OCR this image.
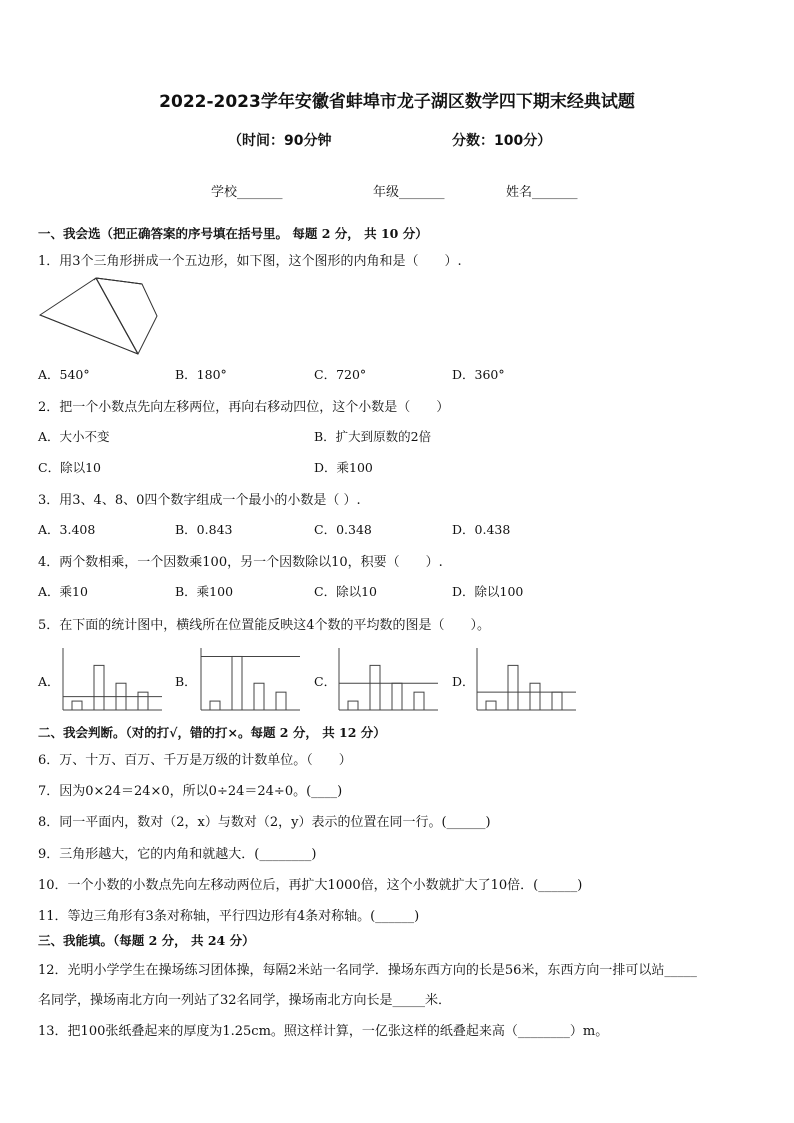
2022-2023学年安徽省蚌埠市龙子湖区数学四下期末经典试题
（时间：90分钟	分数：100分）
学校_______	年级_______	姓名_______
一、我会选（把正确答案的序号填在括号里。 每题 2 分， 共 10 分）
1．用3个三角形拼成一个五边形，如下图，这个图形的内角和是（　　）.
A．540°	B．180°	C．720°	D．360°
2．把一个小数点先向左移两位，再向右移动四位，这个小数是（　　）
A．大小不变	B．扩大到原数的2倍
C．除以10	D．乘100
3．用3、4、8、0四个数字组成一个最小的小数是（ ）.
A．3.408	B．0.843	C．0.348	D．0.438
4．两个数相乘，一个因数乘100，另一个因数除以10，积要（　　）.
A．乘10	B．乘100	C．除以10	D．除以100
5．在下面的统计图中，横线所在位置能反映这4个数的平均数的图是（　　）。
A．	B．	C．	D．
二、我会判断。（对的打√，错的打×。每题 2 分， 共 12 分）
6．万、十万、百万、千万是万级的计数单位。（　　）
7．因为0×24＝24×0，所以0÷24＝24÷0。(____)
8．同一平面内，数对（2，x）与数对（2，y）表示的位置在同一行。(______)
9．三角形越大，它的内角和就越大．(________)
10．一个小数的小数点先向左移动两位后，再扩大1000倍，这个小数就扩大了10倍．(______)
11．等边三角形有3条对称轴，平行四边形有4条对称轴。(______)
三、我能填。（每题 2 分， 共 24 分）
12．光明小学学生在操场练习团体操，每隔2米站一名同学．操场东西方向的长是56米，东西方向一排可以站_____
名同学，操场南北方向一列站了32名同学，操场南北方向长是_____米．
13．把100张纸叠起来的厚度为1.25cm。照这样计算，一亿张这样的纸叠起来高（________）m。
